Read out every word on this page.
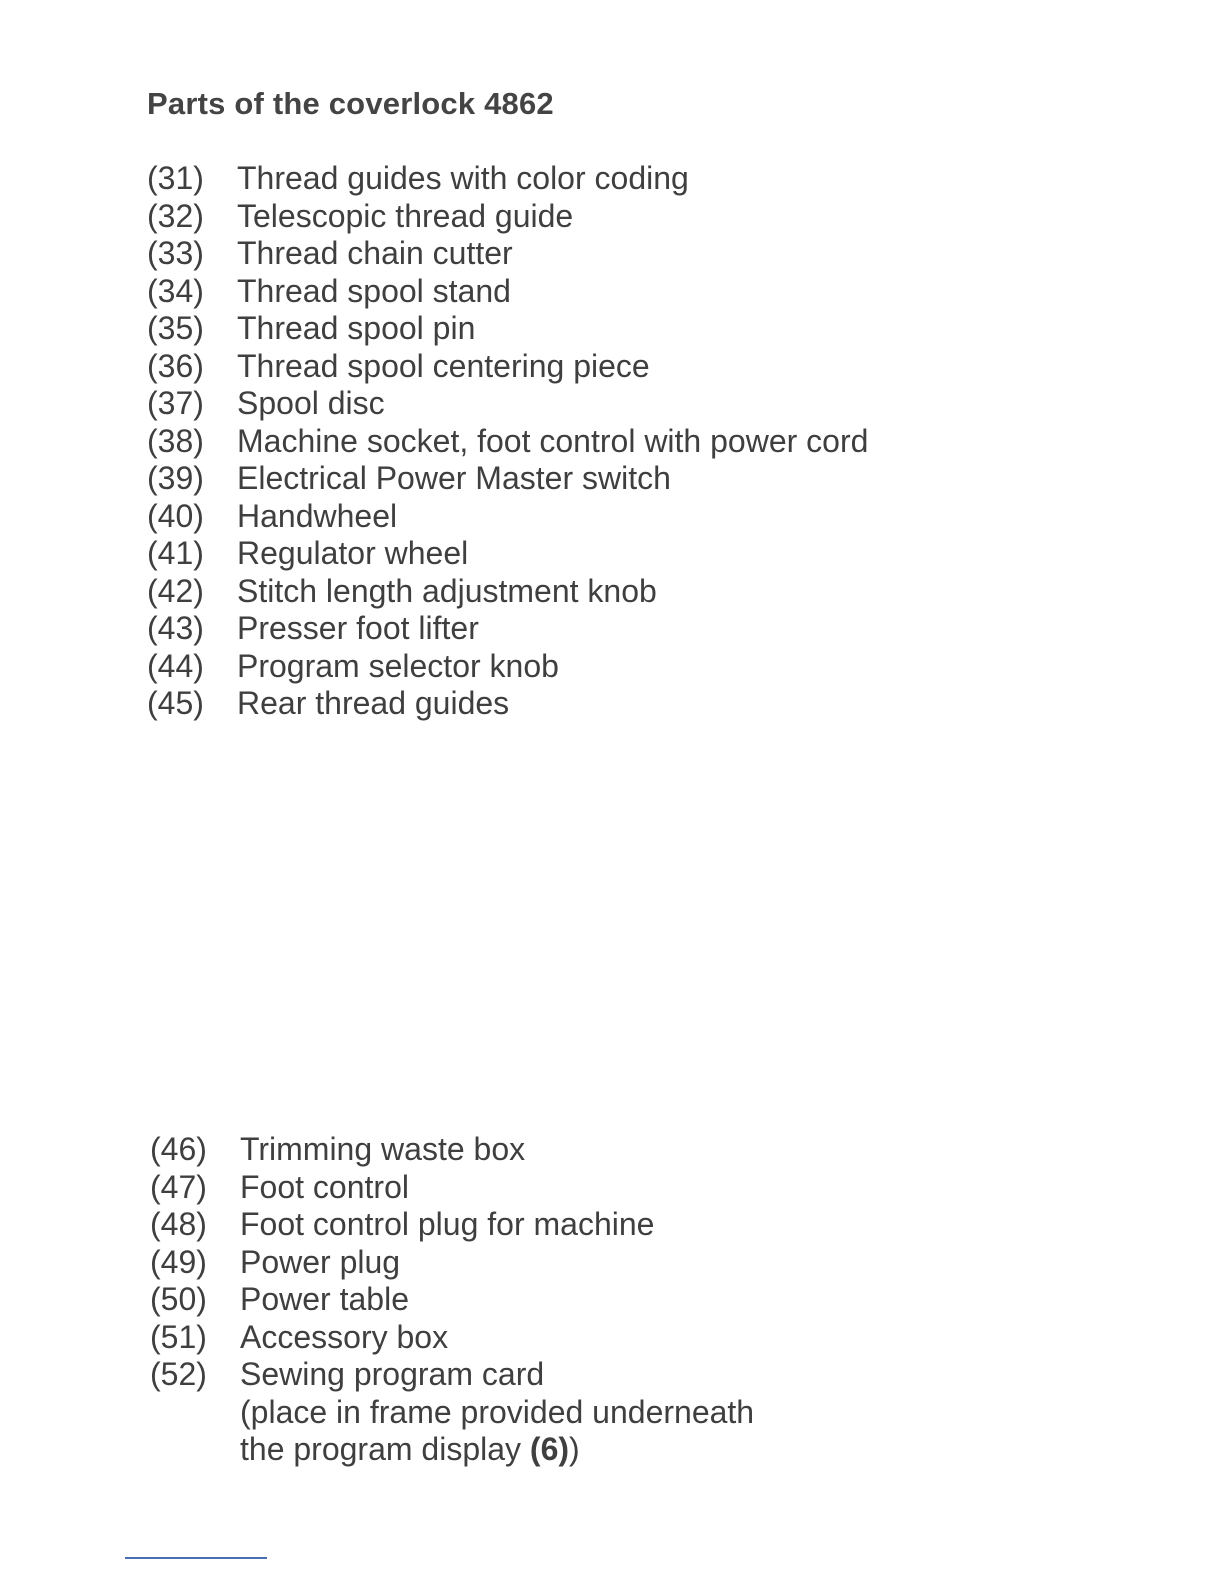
Parts of the coverlock 4862
(31)	Thread guides with color coding
(32)	Telescopic thread guide
(33)	Thread chain cutter
(34)	Thread spool stand
(35)	Thread spool pin
(36)	Thread spool centering piece
(37)	Spool disc
(38)	Machine socket, foot control with power cord
(39)	Electrical Power Master switch
(40)	Handwheel
(41)	Regulator wheel
(42)	Stitch length adjustment knob
(43)	Presser foot lifter
(44)	Program selector knob
(45)	Rear thread guides
(46)	Trimming waste box
(47)	Foot control
(48)	Foot control plug for machine
(49)	Power plug
(50)	Power table
(51)	Accessory box
(52)	Sewing program card
(place in frame provided underneath
the program display (6))
